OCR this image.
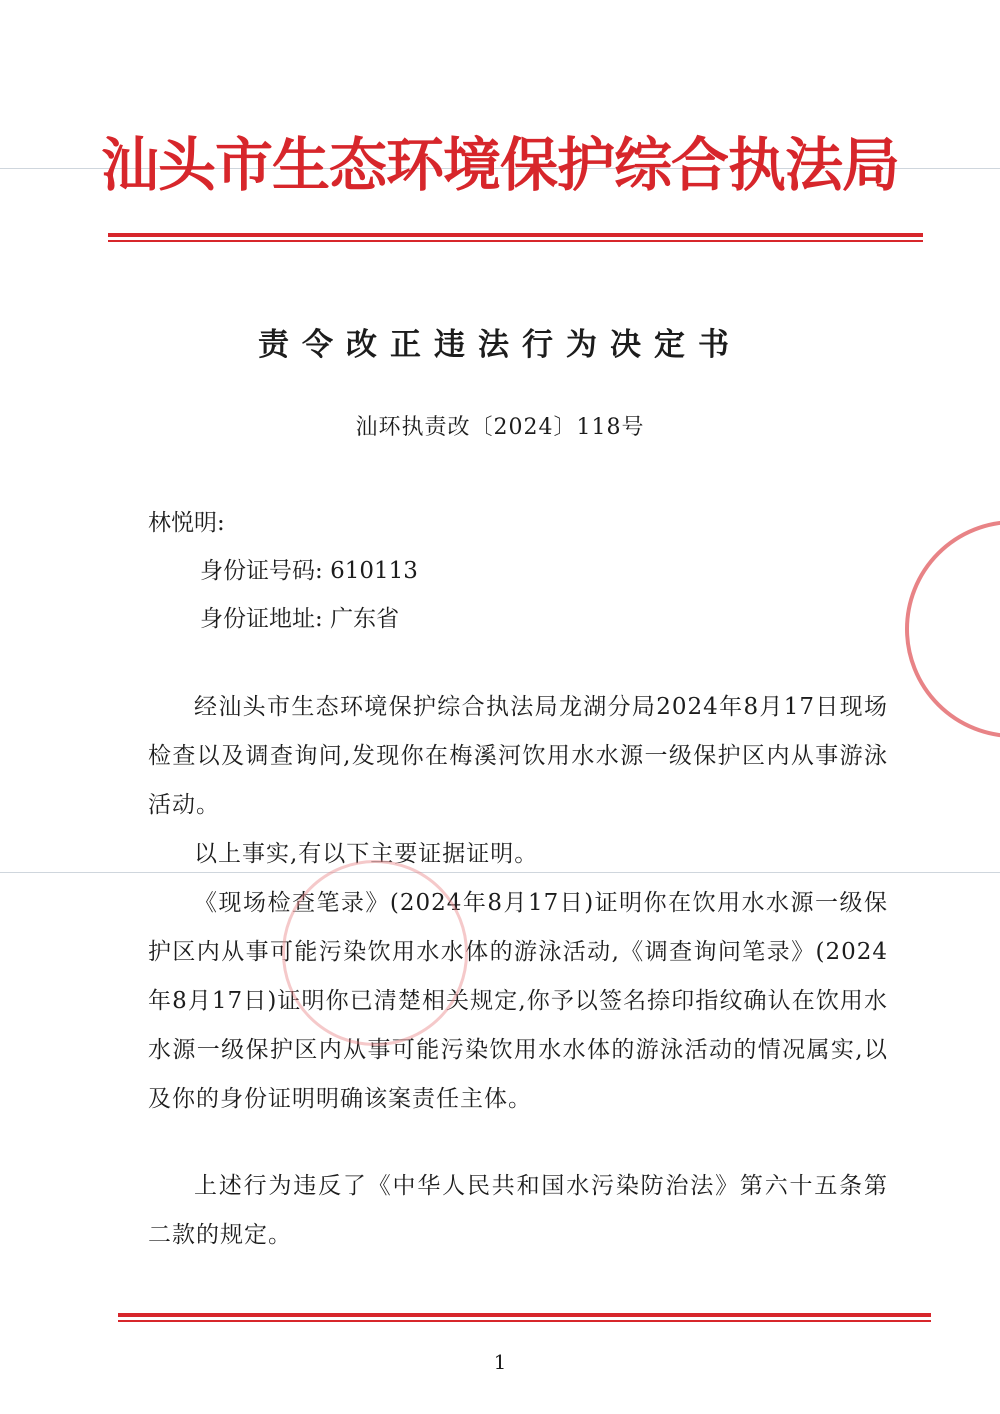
汕头市生态环境保护综合执法局
责令改正违法行为决定书
汕环执责改〔2024〕118号
林悦明:
身份证号码: 610113
身份证地址: 广东省
经汕头市生态环境保护综合执法局龙湖分局2024年8月17日现场检查以及调查询问,发现你在梅溪河饮用水水源一级保护区内从事游泳活动。
以上事实,有以下主要证据证明。
《现场检查笔录》(2024年8月17日)证明你在饮用水水源一级保护区内从事可能污染饮用水水体的游泳活动,《调查询问笔录》(2024年8月17日)证明你已清楚相关规定,你予以签名捺印指纹确认在饮用水水源一级保护区内从事可能污染饮用水水体的游泳活动的情况属实,以及你的身份证明明确该案责任主体。
上述行为违反了《中华人民共和国水污染防治法》第六十五条第二款的规定。
1
